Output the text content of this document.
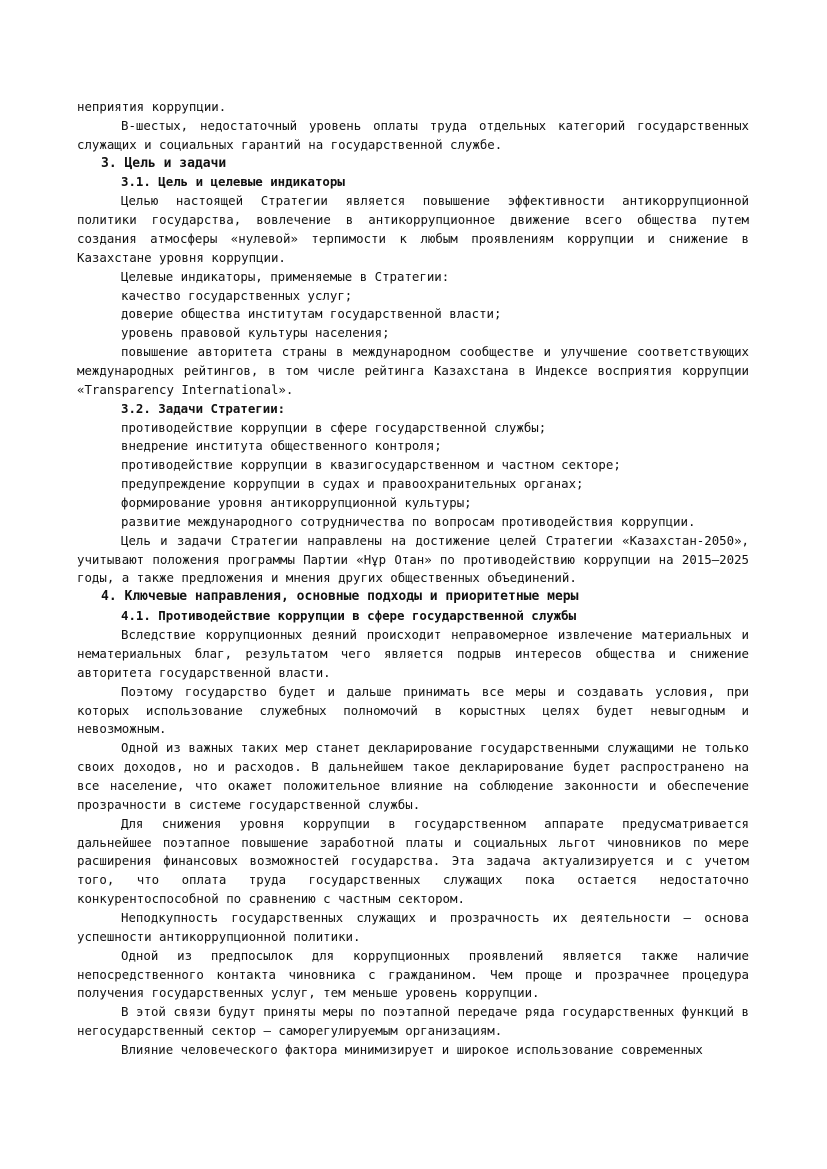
неприятия коррупции.

В-шестых, недостаточный уровень оплаты труда отдельных категорий государственных служащих и социальных гарантий на государственной службе.

3. Цель и задачи

3.1. Цель и целевые индикаторы

Целью настоящей Стратегии является повышение эффективности антикоррупционной политики государства, вовлечение в антикоррупционное движение всего общества путем создания атмосферы «нулевой» терпимости к любым проявлениям коррупции и снижение в Казахстане уровня коррупции.

Целевые индикаторы, применяемые в Стратегии:

качество государственных услуг;

доверие общества институтам государственной власти;

уровень правовой культуры населения;

повышение авторитета страны в международном сообществе и улучшение соответствующих международных рейтингов, в том числе рейтинга Казахстана в Индексе восприятия коррупции «Transparency International».

3.2. Задачи Стратегии:

противодействие коррупции в сфере государственной службы;

внедрение института общественного контроля;

противодействие коррупции в квазигосударственном и частном секторе;

предупреждение коррупции в судах и правоохранительных органах;

формирование уровня антикоррупционной культуры;

развитие международного сотрудничества по вопросам противодействия коррупции.

Цель и задачи Стратегии направлены на достижение целей Стратегии «Казахстан-2050», учитывают положения программы Партии «Нұр Отан» по противодействию коррупции на 2015–2025 годы, а также предложения и мнения других общественных объединений.

4. Ключевые направления, основные подходы и приоритетные меры

4.1. Противодействие коррупции в сфере государственной службы

Вследствие коррупционных деяний происходит неправомерное извлечение материальных и нематериальных благ, результатом чего является подрыв интересов общества и снижение авторитета государственной власти.

Поэтому государство будет и дальше принимать все меры и создавать условия, при которых использование служебных полномочий в корыстных целях будет невыгодным и невозможным.

Одной из важных таких мер станет декларирование государственными служащими не только своих доходов, но и расходов. В дальнейшем такое декларирование будет распространено на все население, что окажет положительное влияние на соблюдение законности и обеспечение прозрачности в системе государственной службы.

Для снижения уровня коррупции в государственном аппарате предусматривается дальнейшее поэтапное повышение заработной платы и социальных льгот чиновников по мере расширения финансовых возможностей государства. Эта задача актуализируется и с учетом того, что оплата труда государственных служащих пока остается недостаточно конкурентоспособной по сравнению с частным сектором.

Неподкупность государственных служащих и прозрачность их деятельности – основа успешности антикоррупционной политики.

Одной из предпосылок для коррупционных проявлений является также наличие непосредственного контакта чиновника с гражданином. Чем проще и прозрачнее процедура получения государственных услуг, тем меньше уровень коррупции.

В этой связи будут приняты меры по поэтапной передаче ряда государственных функций в негосударственный сектор – саморегулируемым организациям.

Влияние человеческого фактора минимизирует и широкое использование современных
